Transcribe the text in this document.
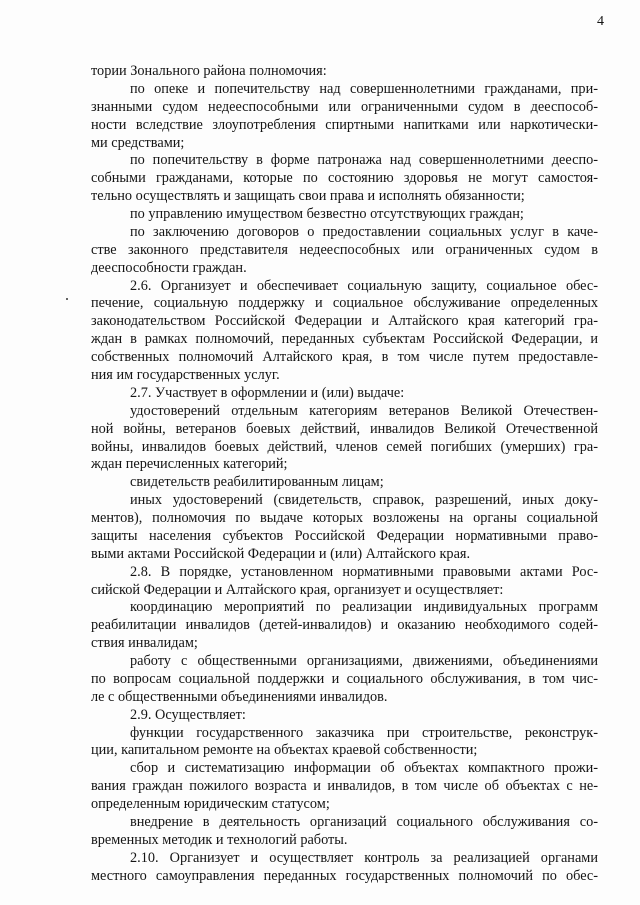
4
тории Зонального района полномочия:
по опеке и попечительству над совершеннолетними гражданами, при-
знанными судом недееспособными или ограниченными судом в дееспособ-
ности вследствие злоупотребления спиртными напитками или наркотически-
ми средствами;
по попечительству в форме патронажа над совершеннолетними дееспо-
собными гражданами, которые по состоянию здоровья не могут самостоя-
тельно осуществлять и защищать свои права и исполнять обязанности;
по управлению имуществом безвестно отсутствующих граждан;
по заключению договоров о предоставлении социальных услуг в каче-
стве законного представителя недееспособных или ограниченных судом в
дееспособности граждан.
2.6. Организует и обеспечивает социальную защиту, социальное обес-
печение, социальную поддержку и социальное обслуживание определенных
законодательством Российской Федерации и Алтайского края категорий гра-
ждан в рамках полномочий, переданных субъектам Российской Федерации, и
собственных полномочий Алтайского края, в том числе путем предоставле-
ния им государственных услуг.
2.7. Участвует в оформлении и (или) выдаче:
удостоверений отдельным категориям ветеранов Великой Отечествен-
ной войны, ветеранов боевых действий, инвалидов Великой Отечественной
войны, инвалидов боевых действий, членов семей погибших (умерших) гра-
ждан перечисленных категорий;
свидетельств реабилитированным лицам;
иных удостоверений (свидетельств, справок, разрешений, иных доку-
ментов), полномочия по выдаче которых возложены на органы социальной
защиты населения субъектов Российской Федерации нормативными право-
выми актами Российской Федерации и (или) Алтайского края.
2.8. В порядке, установленном нормативными правовыми актами Рос-
сийской Федерации и Алтайского края, организует и осуществляет:
координацию мероприятий по реализации индивидуальных программ
реабилитации инвалидов (детей-инвалидов) и оказанию необходимого содей-
ствия инвалидам;
работу с общественными организациями, движениями, объединениями
по вопросам социальной поддержки и социального обслуживания, в том чис-
ле с общественными объединениями инвалидов.
2.9. Осуществляет:
функции государственного заказчика при строительстве, реконструк-
ции, капитальном ремонте на объектах краевой собственности;
сбор и систематизацию информации об объектах компактного прожи-
вания граждан пожилого возраста и инвалидов, в том числе об объектах с не-
определенным юридическим статусом;
внедрение в деятельность организаций социального обслуживания со-
временных методик и технологий работы.
2.10. Организует и осуществляет контроль за реализацией органами
местного самоуправления переданных государственных полномочий по обес-
